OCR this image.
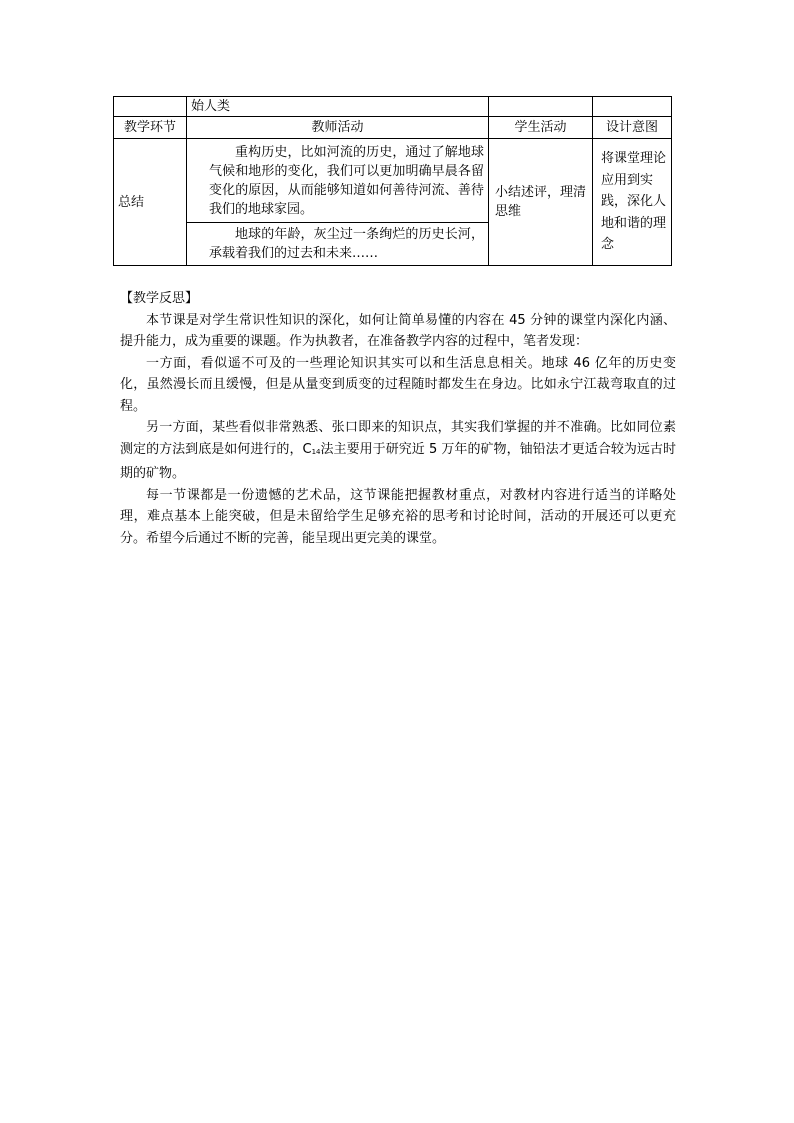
	始人类		
教学环节	教师活动	学生活动	设计意图
总结	重构历史，比如河流的历史，通过了解地球气候和地形的变化，我们可以更加明确早晨各留变化的原因，从而能够知道如何善待河流、善待我们的地球家园。	小结述评，理清思维	将课堂理论应用到实践，深化人地和谐的理念
	地球的年龄，灰尘过一条绚烂的历史长河，承载着我们的过去和未来……		

【教学反思】

本节课是对学生常识性知识的深化，如何让简单易懂的内容在 45 分钟的课堂内深化内涵、提升能力，成为重要的课题。作为执教者，在准备教学内容的过程中，笔者发现：

一方面，看似遥不可及的一些理论知识其实可以和生活息息相关。地球 46 亿年的历史变化，虽然漫长而且缓慢，但是从量变到质变的过程随时都发生在身边。比如永宁江裁弯取直的过程。

另一方面，某些看似非常熟悉、张口即来的知识点，其实我们掌握的并不准确。比如同位素测定的方法到底是如何进行的，$C_{14}$法主要用于研究近 5 万年的矿物，铀铅法才更适合较为远古时期的矿物。

每一节课都是一份遗憾的艺术品，这节课能把握教材重点，对教材内容进行适当的详略处理，难点基本上能突破，但是未留给学生足够充裕的思考和讨论时间，活动的开展还可以更充分。希望今后通过不断的完善，能呈现出更完美的课堂。
